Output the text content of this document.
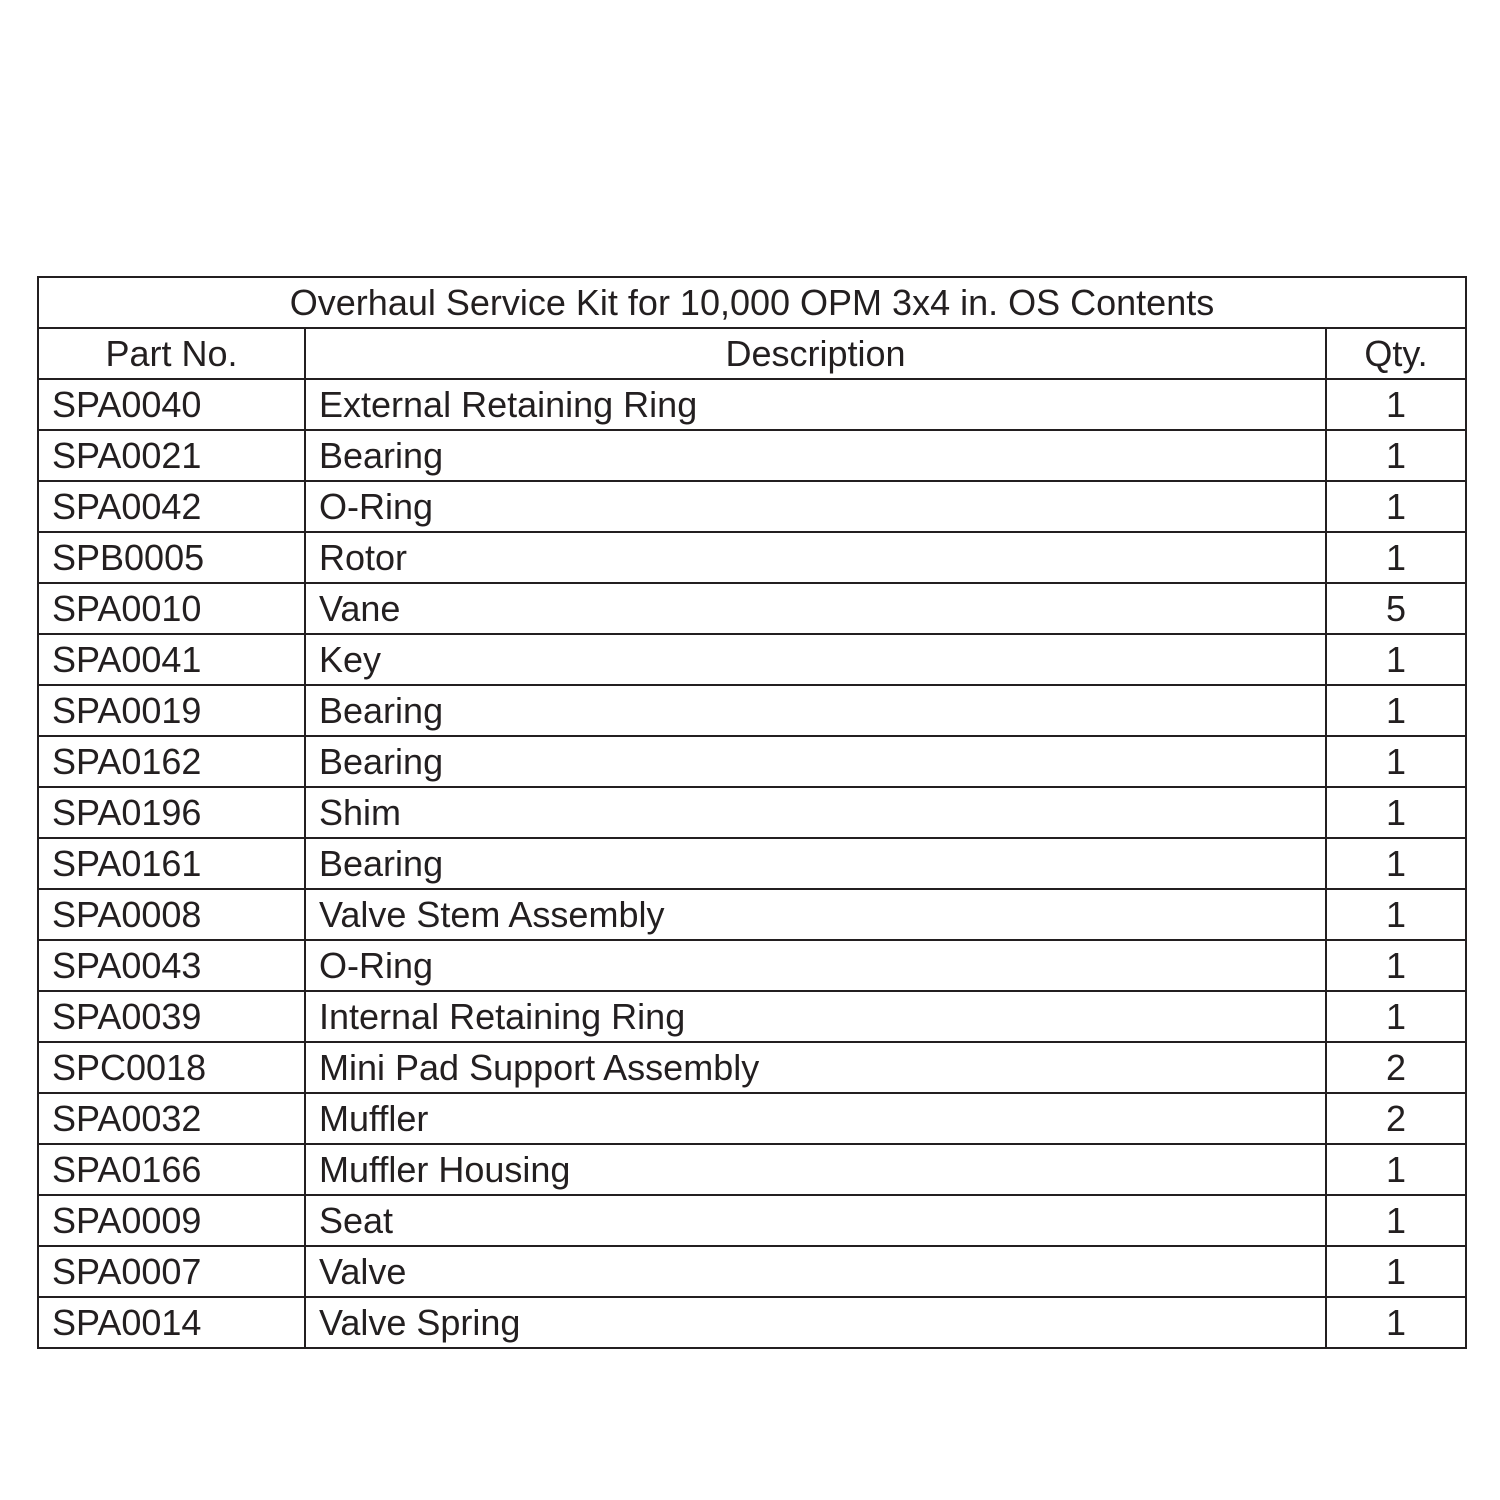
Overhaul Service Kit for 10,000 OPM 3x4 in. OS Contents		
Part No.	Description	Qty.
SPA0040	External Retaining Ring	1
SPA0021	Bearing	1
SPA0042	O-Ring	1
SPB0005	Rotor	1
SPA0010	Vane	5
SPA0041	Key	1
SPA0019	Bearing	1
SPA0162	Bearing	1
SPA0196	Shim	1
SPA0161	Bearing	1
SPA0008	Valve Stem Assembly	1
SPA0043	O-Ring	1
SPA0039	Internal Retaining Ring	1
SPC0018	Mini Pad Support Assembly	2
SPA0032	Muffler	2
SPA0166	Muffler Housing	1
SPA0009	Seat	1
SPA0007	Valve	1
SPA0014	Valve Spring	1
